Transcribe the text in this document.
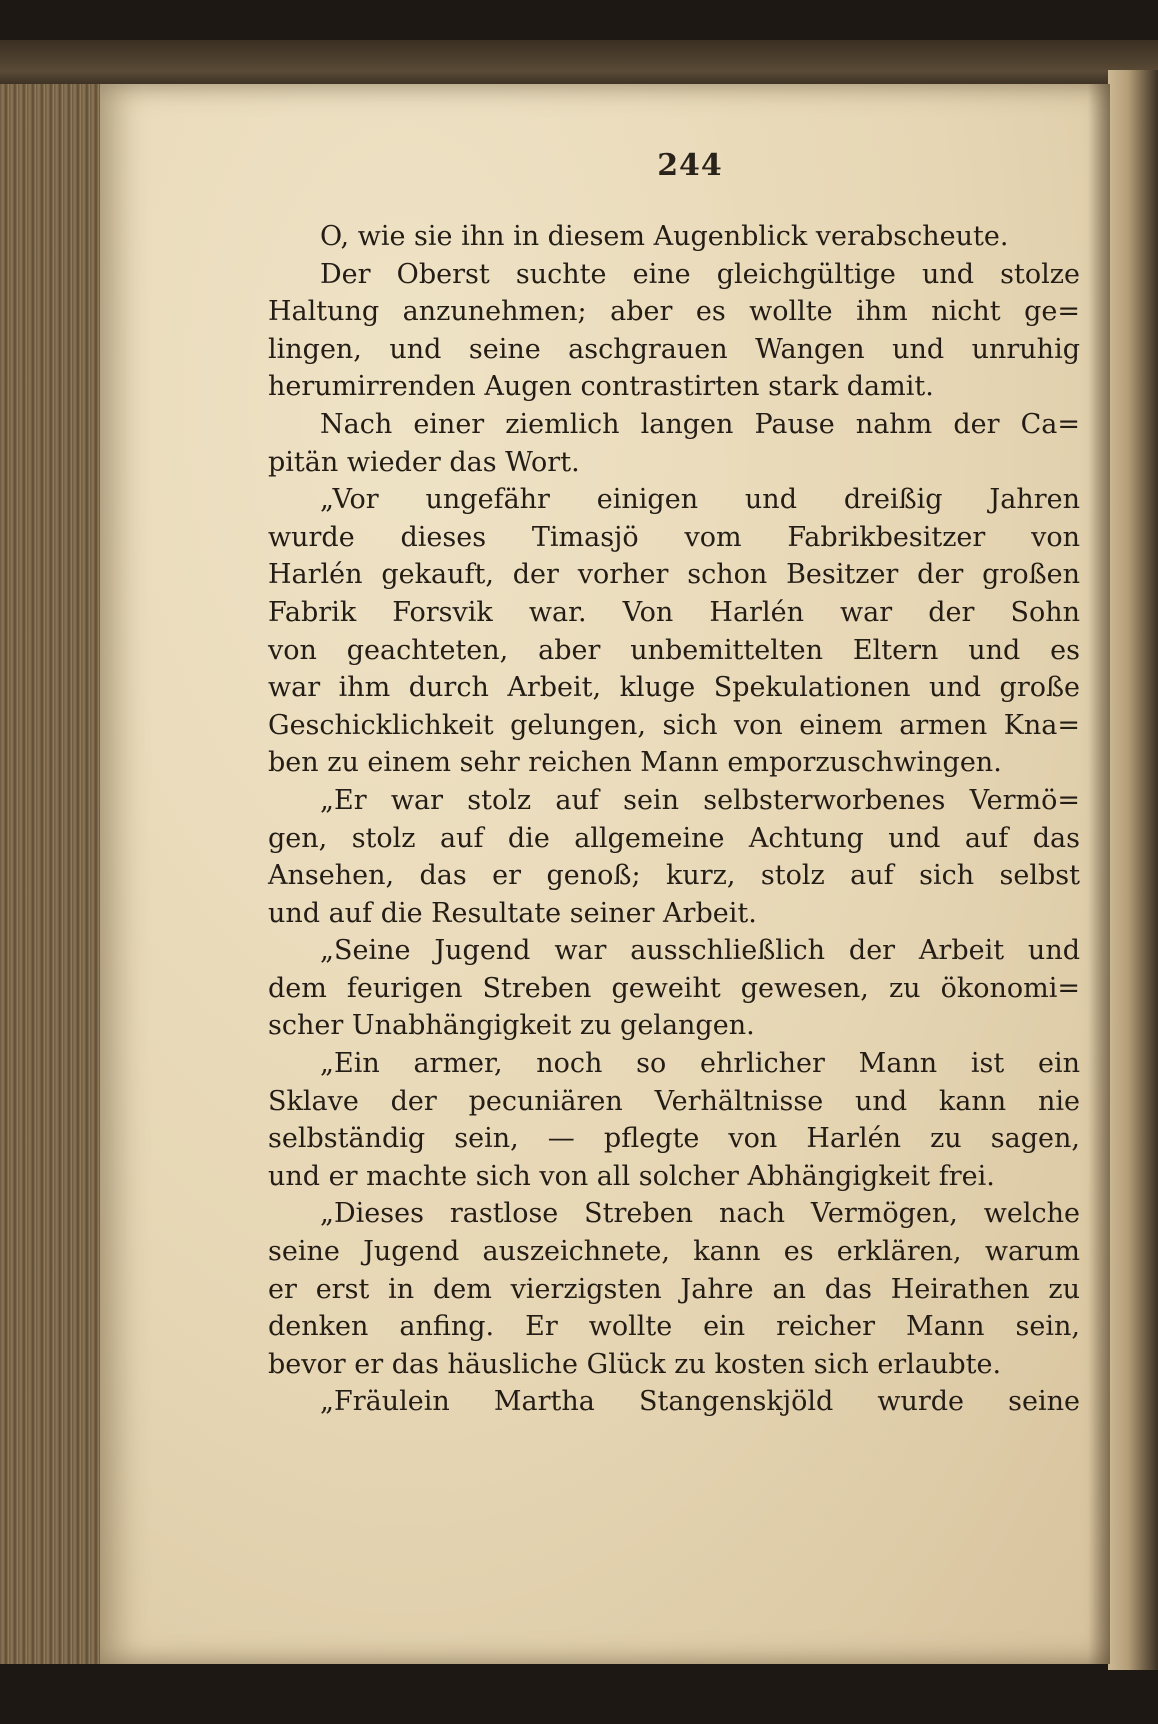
244
O, wie sie ihn in diesem Augenblick verabscheute.
Der Oberst suchte eine gleichgültige und stolze
Haltung anzunehmen; aber es wollte ihm nicht ge=
lingen, und seine aschgrauen Wangen und unruhig
herumirrenden Augen contrastirten stark damit.
Nach einer ziemlich langen Pause nahm der Ca=
pitän wieder das Wort.
„Vor ungefähr einigen und dreißig Jahren
wurde dieses Timasjö vom Fabrikbesitzer von
Harlén gekauft, der vorher schon Besitzer der großen
Fabrik Forsvik war. Von Harlén war der Sohn
von geachteten, aber unbemittelten Eltern und es
war ihm durch Arbeit, kluge Spekulationen und große
Geschicklichkeit gelungen, sich von einem armen Kna=
ben zu einem sehr reichen Mann emporzuschwingen.
„Er war stolz auf sein selbsterworbenes Vermö=
gen, stolz auf die allgemeine Achtung und auf das
Ansehen, das er genoß; kurz, stolz auf sich selbst
und auf die Resultate seiner Arbeit.
„Seine Jugend war ausschließlich der Arbeit und
dem feurigen Streben geweiht gewesen, zu ökonomi=
scher Unabhängigkeit zu gelangen.
„Ein armer, noch so ehrlicher Mann ist ein
Sklave der pecuniären Verhältnisse und kann nie
selbständig sein, — pflegte von Harlén zu sagen,
und er machte sich von all solcher Abhängigkeit frei.
„Dieses rastlose Streben nach Vermögen, welche
seine Jugend auszeichnete, kann es erklären, warum
er erst in dem vierzigsten Jahre an das Heirathen zu
denken anfing. Er wollte ein reicher Mann sein,
bevor er das häusliche Glück zu kosten sich erlaubte.
„Fräulein Martha Stangenskjöld wurde seine
